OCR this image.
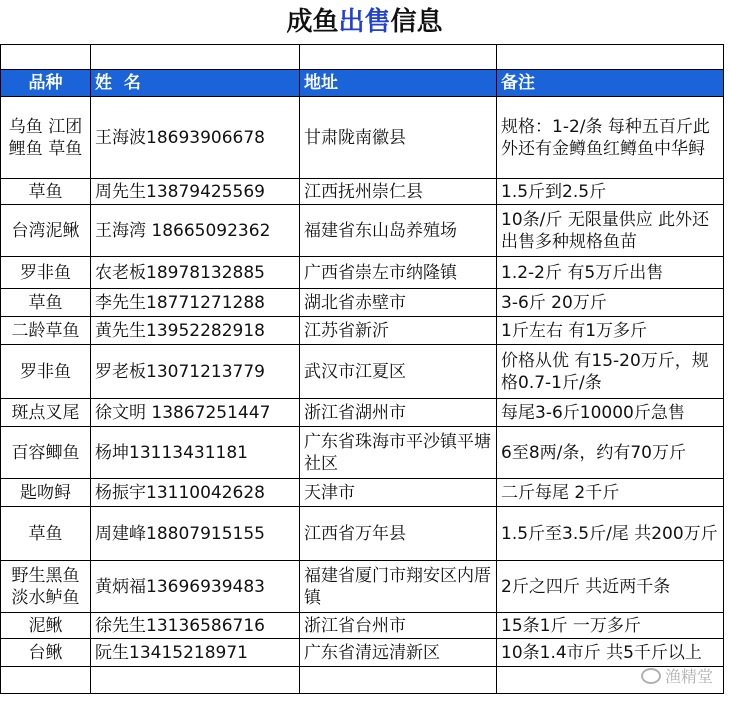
成鱼出售信息

品种	姓  名	地址	备注
乌鱼 江团
鲤鱼 草鱼	王海波18693906678	甘肃陇南徽县	规格：1-2/条 每种五百斤此外还有金鳟鱼红鳟鱼中华鲟
草鱼	周先生13879425569	江西抚州崇仁县	1.5斤到2.5斤
台湾泥鳅	王海湾 18665092362	福建省东山岛养殖场	10条/斤 无限量供应 此外还出售多种规格鱼苗
罗非鱼	农老板18978132885	广西省崇左市纳隆镇	1.2-2斤 有5万斤出售
草鱼	李先生18771271288	湖北省赤壁市	3-6斤 20万斤
二龄草鱼	黄先生13952282918	江苏省新沂	1斤左右 有1万多斤
罗非鱼	罗老板13071213779	武汉市江夏区	价格从优 有15-20万斤，规格0.7-1斤/条
斑点叉尾	徐文明 13867251447	浙江省湖州市	每尾3-6斤10000斤急售
百容鲫鱼	杨坤13113431181	广东省珠海市平沙镇平塘社区	6至8两/条，约有70万斤
匙吻鲟	杨振宇13110042628	天津市	二斤每尾 2千斤
草鱼	周建峰18807915155	江西省万年县	1.5斤至3.5斤/尾 共200万斤
野生黑鱼
淡水鲈鱼	黄炳福13696939483	福建省厦门市翔安区内厝镇	2斤之四斤 共近两千条
泥鳅	徐先生13136586716	浙江省台州市	15条1斤 一万多斤
台鳅	阮生13415218971	广东省清远清新区	10条1.4市斤 共5千斤以上

渔精堂
